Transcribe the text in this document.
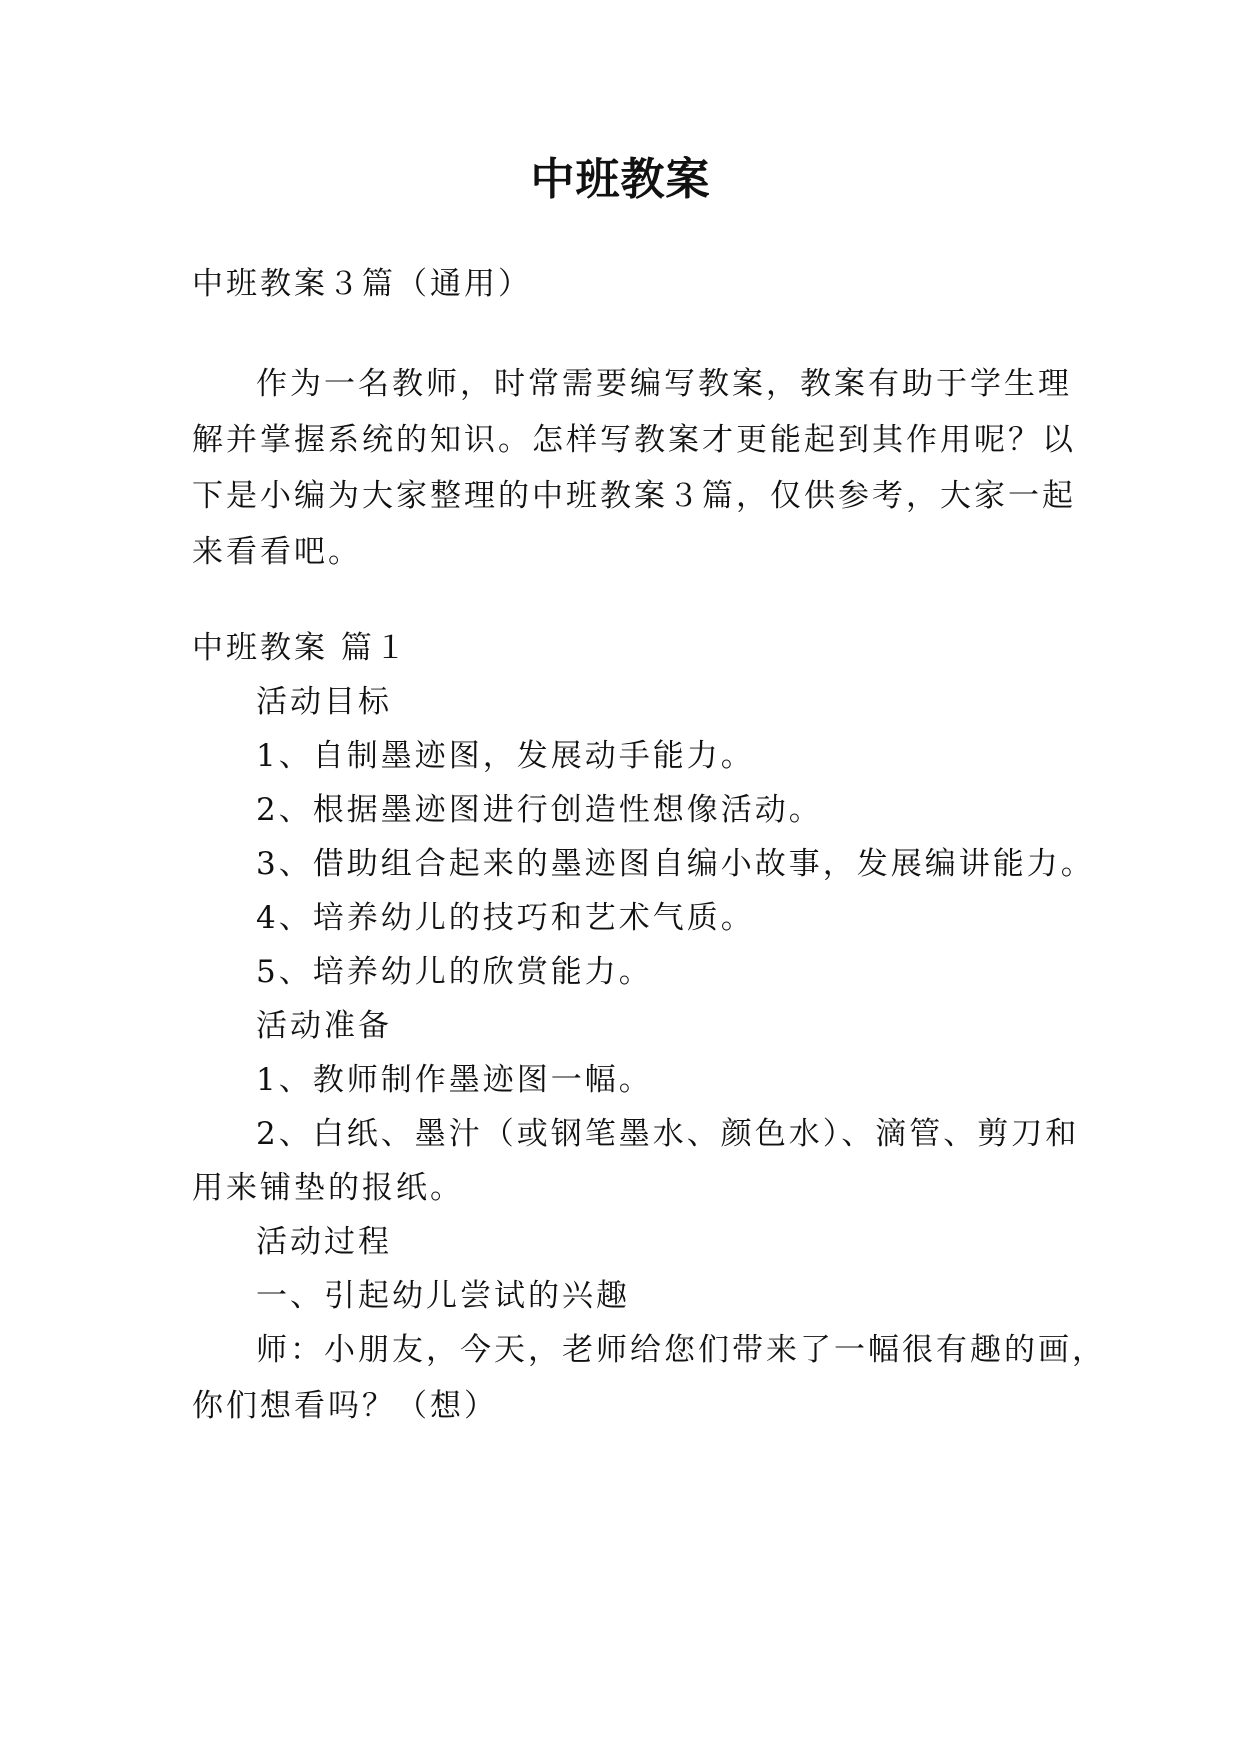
中班教案
中班教案３篇（通用）
作为一名教师，时常需要编写教案，教案有助于学生理
解并掌握系统的知识。怎样写教案才更能起到其作用呢？以
下是小编为大家整理的中班教案３篇，仅供参考，大家一起
来看看吧。
中班教案 篇１
活动目标
1、自制墨迹图，发展动手能力。
2、根据墨迹图进行创造性想像活动。
3、借助组合起来的墨迹图自编小故事，发展编讲能力。
4、培养幼儿的技巧和艺术气质。
5、培养幼儿的欣赏能力。
活动准备
1、教师制作墨迹图一幅。
2、白纸、墨汁（或钢笔墨水、颜色水）、滴管、剪刀和
用来铺垫的报纸。
活动过程
一、引起幼儿尝试的兴趣
师：小朋友，今天，老师给您们带来了一幅很有趣的画，
你们想看吗？（想）
